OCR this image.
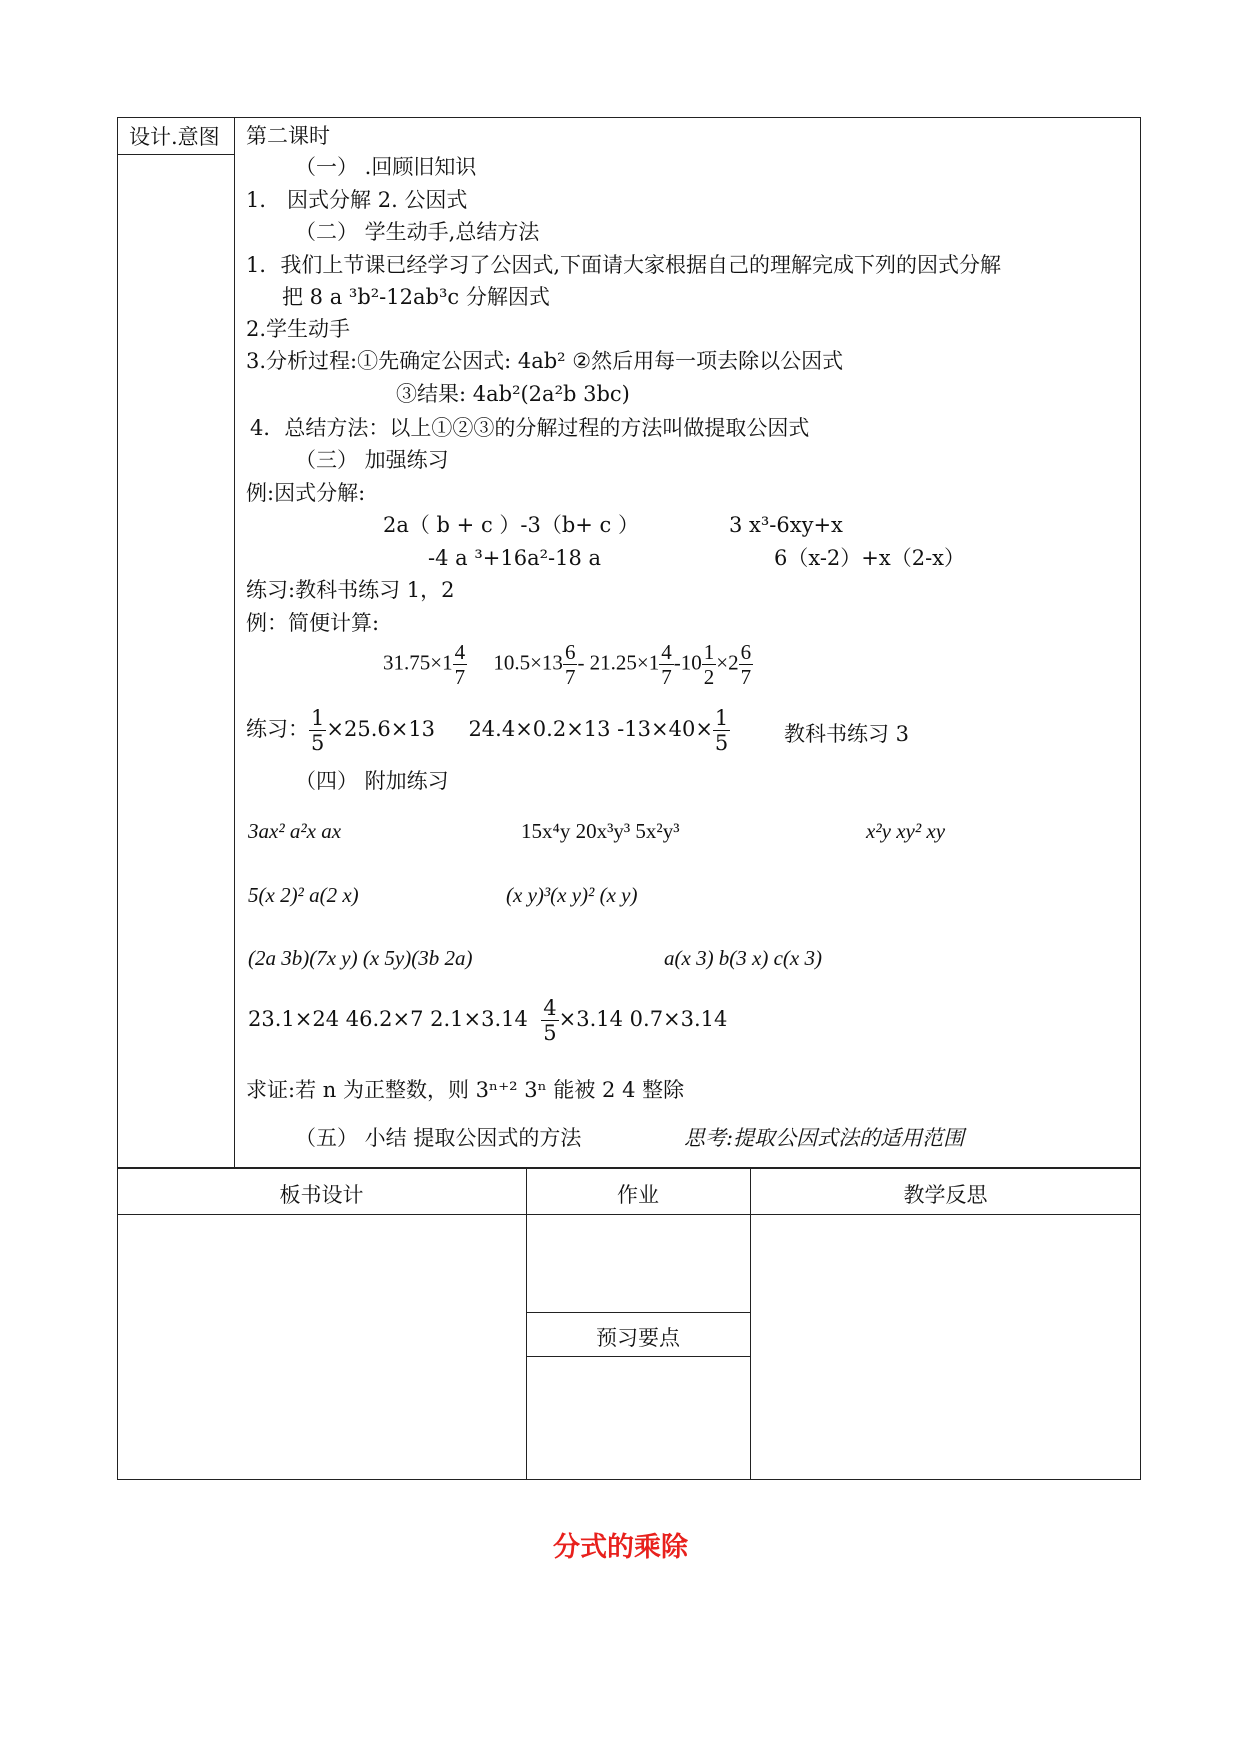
设计.意图 第二课时
（一） .回顾旧知识
1． 因式分解 2. 公因式
（二） 学生动手,总结方法
1．我们上节课已经学习了公因式,下面请大家根据自己的理解完成下列的因式分解
把 8 a ³b²-12ab³c 分解因式
2.学生动手
3.分析过程:①先确定公因式: 4ab² ②然后用每一项去除以公因式
③结果: 4ab²(2a²b 3bc)
4．总结方法：以上①②③的分解过程的方法叫做提取公因式
（三） 加强练习
例:因式分解:
2a（ b + c ）-3（b+ c ）	3 x³-6xy+x
-4 a ³+16a²-18 a	6（x-2）+x（2-x）
练习:教科书练习 1，2
例：简便计算:
$31.75\times 1 \frac{4}{7} 10.5\times 13 \frac{6}{7} - 21.25\times 1 \frac{4}{7} -10 \frac{1}{2} \times 2 \frac{6}{7}$
练习： $\frac{1}{5} \times 25.6\times 13$ 24.4×0.2×13 $-13\times 40\times \frac{1}{5}$	教科书练习 3
（四） 附加练习
3ax² a²x ax	15x⁴y 20x³y³ 5x²y³	x²y xy² xy
5(x 2)² a(2 x)	(x y)³(x y)² (x y)
(2a 3b)(7x y) (x 5y)(3b 2a)	a(x 3) b(3 x) c(x 3)
23.1×24 46.2×7 $2.1\times 3.14 \frac{4}{5} \times 3.14$ 0.7×3.14
求证:若 n 为正整数，则 3ⁿ⁺² 3ⁿ 能被 2 4 整除
（五） 小结 提取公因式的方法	思考:提取公因式法的适用范围
板书设计	作业	教学反思
预习要点
分式的乘除
